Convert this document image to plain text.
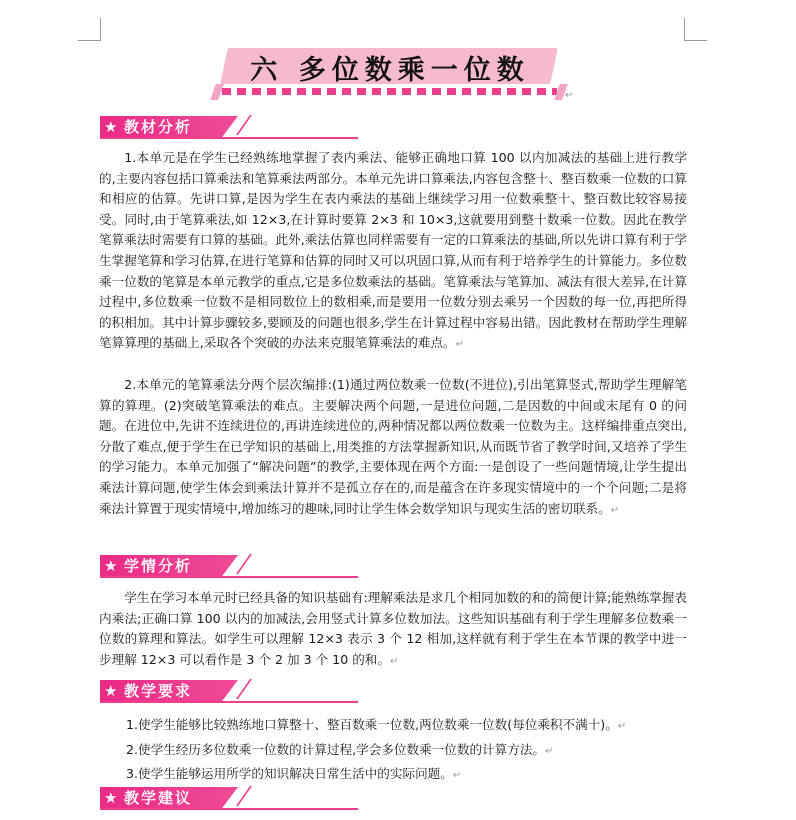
六 多位数乘一位数
↵
★ 教材分析

1.本单元是在学生已经熟练地掌握了表内乘法、能够正确地口算 100 以内加减法的基础上进行教学的,主要内容包括口算乘法和笔算乘法两部分。本单元先讲口算乘法,内容包含整十、整百数乘一位数的口算和相应的估算。先讲口算,是因为学生在表内乘法的基础上继续学习用一位数乘整十、整百数比较容易接受。同时,由于笔算乘法,如 12×3,在计算时要算 2×3 和 10×3,这就要用到整十数乘一位数。因此在教学笔算乘法时需要有口算的基础。此外,乘法估算也同样需要有一定的口算乘法的基础,所以先讲口算有利于学生掌握笔算和学习估算,在进行笔算和估算的同时又可以巩固口算,从而有利于培养学生的计算能力。多位数乘一位数的笔算是本单元教学的重点,它是多位数乘法的基础。笔算乘法与笔算加、减法有很大差异,在计算过程中,多位数乘一位数不是相同数位上的数相乘,而是要用一位数分别去乘另一个因数的每一位,再把所得的积相加。其中计算步骤较多,要顾及的问题也很多,学生在计算过程中容易出错。因此教材在帮助学生理解笔算算理的基础上,采取各个突破的办法来克服笔算乘法的难点。↵

2.本单元的笔算乘法分两个层次编排:(1)通过两位数乘一位数(不进位),引出笔算竖式,帮助学生理解笔算的算理。(2)突破笔算乘法的难点。主要解决两个问题,一是进位问题,二是因数的中间或末尾有 0 的问题。在进位中,先讲不连续进位的,再讲连续进位的,两种情况都以两位数乘一位数为主。这样编排重点突出,分散了难点,便于学生在已学知识的基础上,用类推的方法掌握新知识,从而既节省了教学时间,又培养了学生的学习能力。本单元加强了“解决问题”的教学,主要体现在两个方面:一是创设了一些问题情境,让学生提出乘法计算问题,使学生体会到乘法计算并不是孤立存在的,而是蕴含在许多现实情境中的一个个问题;二是将乘法计算置于现实情境中,增加练习的趣味,同时让学生体会数学知识与现实生活的密切联系。↵

★ 学情分析

学生在学习本单元时已经具备的知识基础有:理解乘法是求几个相同加数的和的简便计算;能熟练掌握表内乘法;正确口算 100 以内的加减法,会用竖式计算多位数加法。这些知识基础有利于学生理解多位数乘一位数的算理和算法。如学生可以理解 12×3 表示 3 个 12 相加,这样就有利于学生在本节课的教学中进一步理解 12×3 可以看作是 3 个 2 加 3 个 10 的和。↵

★ 教学要求
1.使学生能够比较熟练地口算整十、整百数乘一位数,两位数乘一位数(每位乘积不满十)。↵
2.使学生经历多位数乘一位数的计算过程,学会多位数乘一位数的计算方法。↵
3.使学生能够运用所学的知识解决日常生活中的实际问题。↵
★ 教学建议
